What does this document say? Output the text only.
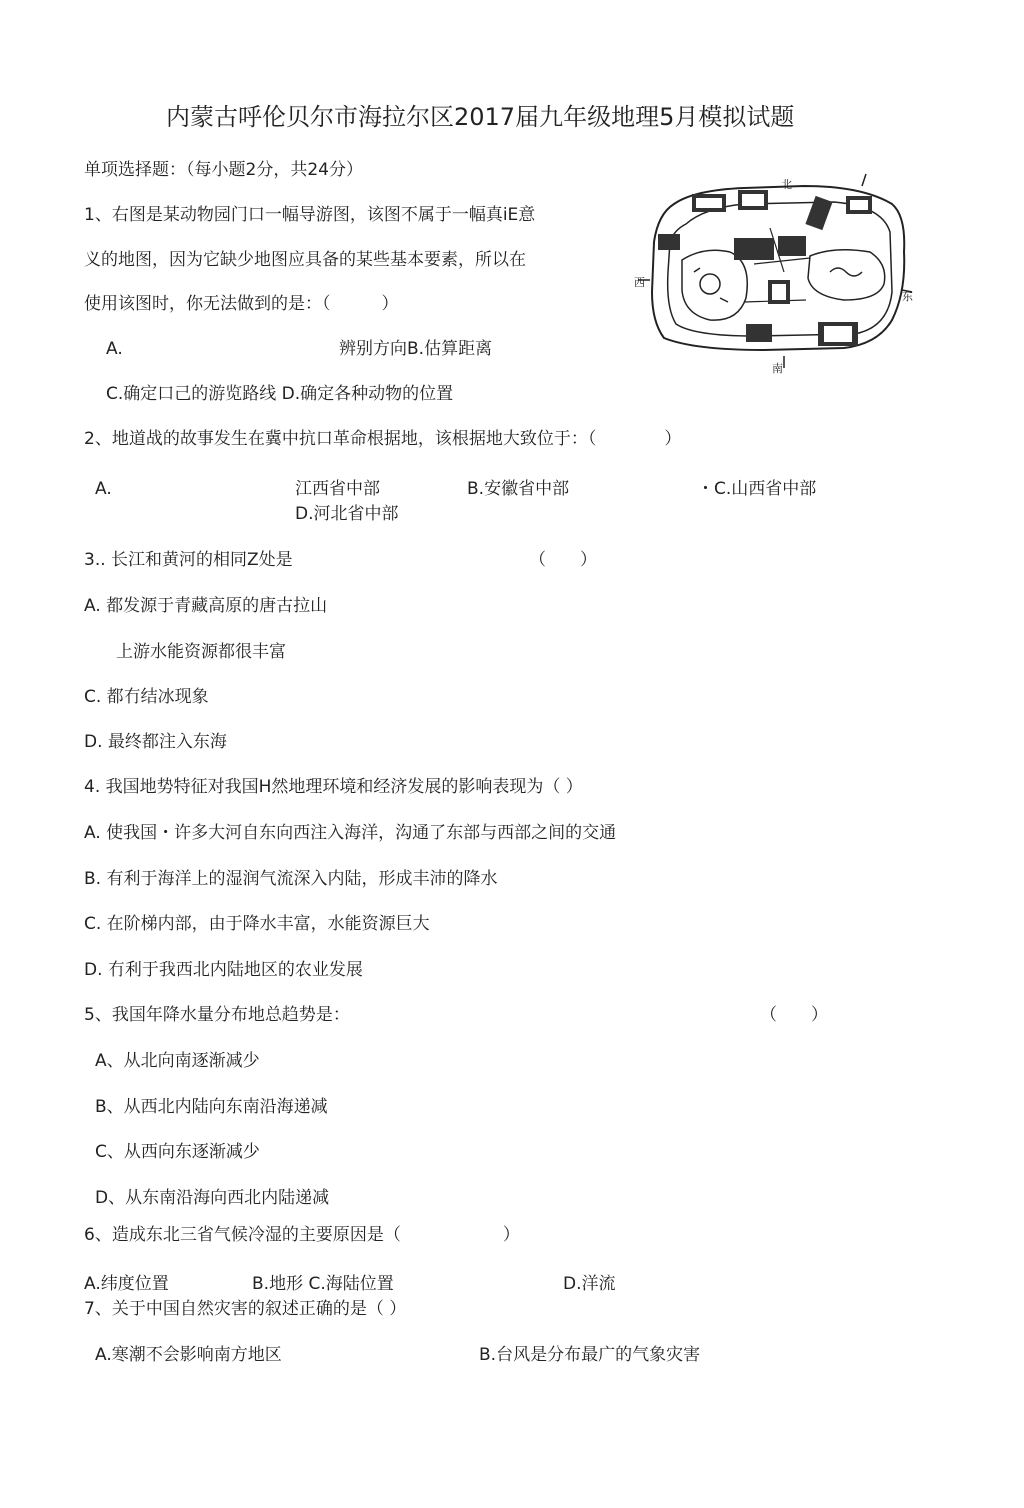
内蒙古呼伦贝尔市海拉尔区2017届九年级地理5月模拟试题
单项选择题：（每小题2分，共24分）
1、右图是某动物园门口一幅导游图，该图不属于一幅真iE意
义的地图，因为它缺少地图应具备的某些基本要素，所以在
使用该图时，你无法做到的是：（　　　）
A.	辨别方向B.估算距离
C.确定口己的游览路线 D.确定各种动物的位置
北
西
东
南
2、地道战的故事发生在冀中抗口革命根据地，该根据地大致位于：（　　　　）
A.	江西省中部	B.安徽省中部	・C.山西省中部
D.河北省中部
3.. 长江和黄河的相同Z处是	（　　）
A. 都发源于青藏高原的唐古拉山
上游水能资源都很丰富
C. 都冇结冰现象
D. 最终都注入东海
4. 我国地势特征对我国H然地理环境和经济发展的影响表现为（ ）
A. 使我国・许多大河自东向西注入海洋，沟通了东部与西部之间的交通
B. 有利于海洋上的湿润气流深入内陆，形成丰沛的降水
C. 在阶梯内部，由于降水丰富，水能资源巨大
D. 冇利于我西北内陆地区的农业发展
5、我国年降水量分布地总趋势是：	（　　）
A、从北向南逐渐减少
B、从西北内陆向东南沿海递减
C、从西向东逐渐减少
D、从东南沿海向西北内陆递减
6、造成东北三省气候冷湿的主要原因是（　　　　　　）
A.纬度位置	B.地形 C.海陆位置	D.洋流
7、关于中国自然灾害的叙述正确的是（ ）
A.寒潮不会影响南方地区	B.台风是分布最广的气象灾害
